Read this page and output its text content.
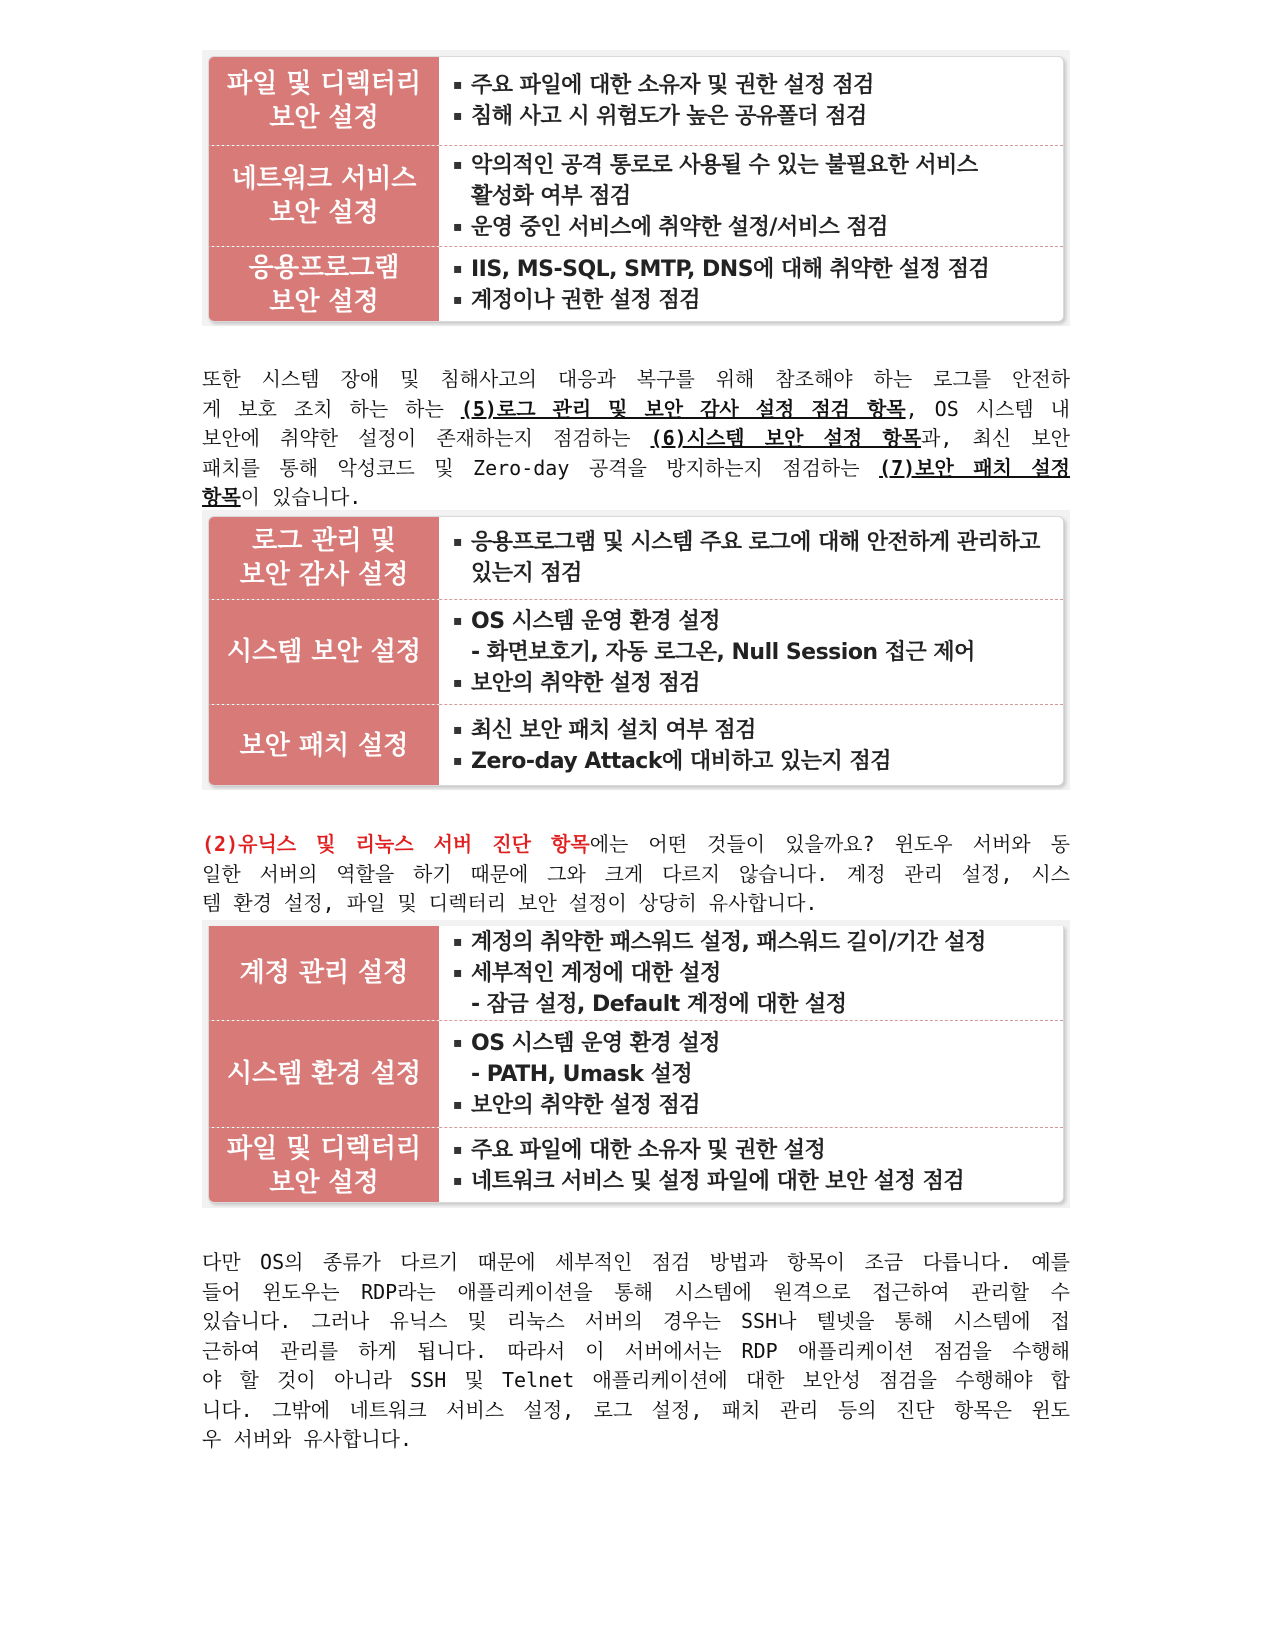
파일 및 디렉터리
보안 설정
▪ 주요 파일에 대한 소유자 및 권한 설정 점검
▪ 침해 사고 시 위험도가 높은 공유폴더 점검
네트워크 서비스
보안 설정
▪ 악의적인 공격 통로로 사용될 수 있는 불필요한 서비스
활성화 여부 점검
▪ 운영 중인 서비스에 취약한 설정/서비스 점검
응용프로그램
보안 설정
▪ IIS, MS-SQL, SMTP, DNS에 대해 취약한 설정 점검
▪ 계정이나 권한 설정 점검
또한 시스템 장애 및 침해사고의 대응과 복구를 위해 참조해야 하는 로그를 안전하
게 보호 조치 하는 하는 (5)로그 관리 및 보안 감사 설정 점검 항목, OS 시스템 내
보안에 취약한 설정이 존재하는지 점검하는 (6)시스템 보안 설정 항목과, 최신 보안
패치를 통해 악성코드 및 Zero-day 공격을 방지하는지 점검하는 (7)보안 패치 설정
항목이 있습니다.
로그 관리 및
보안 감사 설정
▪ 응용프로그램 및 시스템 주요 로그에 대해 안전하게 관리하고
있는지 점검
시스템 보안 설정
▪ OS 시스템 운영 환경 설정
- 화면보호기, 자동 로그온, Null Session 접근 제어
▪ 보안의 취약한 설정 점검
보안 패치 설정
▪ 최신 보안 패치 설치 여부 점검
▪ Zero-day Attack에 대비하고 있는지 점검
(2)유닉스 및 리눅스 서버 진단 항목에는 어떤 것들이 있을까요? 윈도우 서버와 동
일한 서버의 역할을 하기 때문에 그와 크게 다르지 않습니다. 계정 관리 설정, 시스
템 환경 설정, 파일 및 디렉터리 보안 설정이 상당히 유사합니다.
계정 관리 설정
▪ 계정의 취약한 패스워드 설정, 패스워드 길이/기간 설정
▪ 세부적인 계정에 대한 설정
- 잠금 설정, Default 계정에 대한 설정
시스템 환경 설정
▪ OS 시스템 운영 환경 설정
- PATH, Umask 설정
▪ 보안의 취약한 설정 점검
파일 및 디렉터리
보안 설정
▪ 주요 파일에 대한 소유자 및 권한 설정
▪ 네트워크 서비스 및 설정 파일에 대한 보안 설정 점검
다만 OS의 종류가 다르기 때문에 세부적인 점검 방법과 항목이 조금 다릅니다. 예를
들어 윈도우는 RDP라는 애플리케이션을 통해 시스템에 원격으로 접근하여 관리할 수
있습니다. 그러나 유닉스 및 리눅스 서버의 경우는 SSH나 텔넷을 통해 시스템에 접
근하여 관리를 하게 됩니다. 따라서 이 서버에서는 RDP 애플리케이션 점검을 수행해
야 할 것이 아니라 SSH 및 Telnet 애플리케이션에 대한 보안성 점검을 수행해야 합
니다. 그밖에 네트워크 서비스 설정, 로그 설정, 패치 관리 등의 진단 항목은 윈도
우 서버와 유사합니다.
